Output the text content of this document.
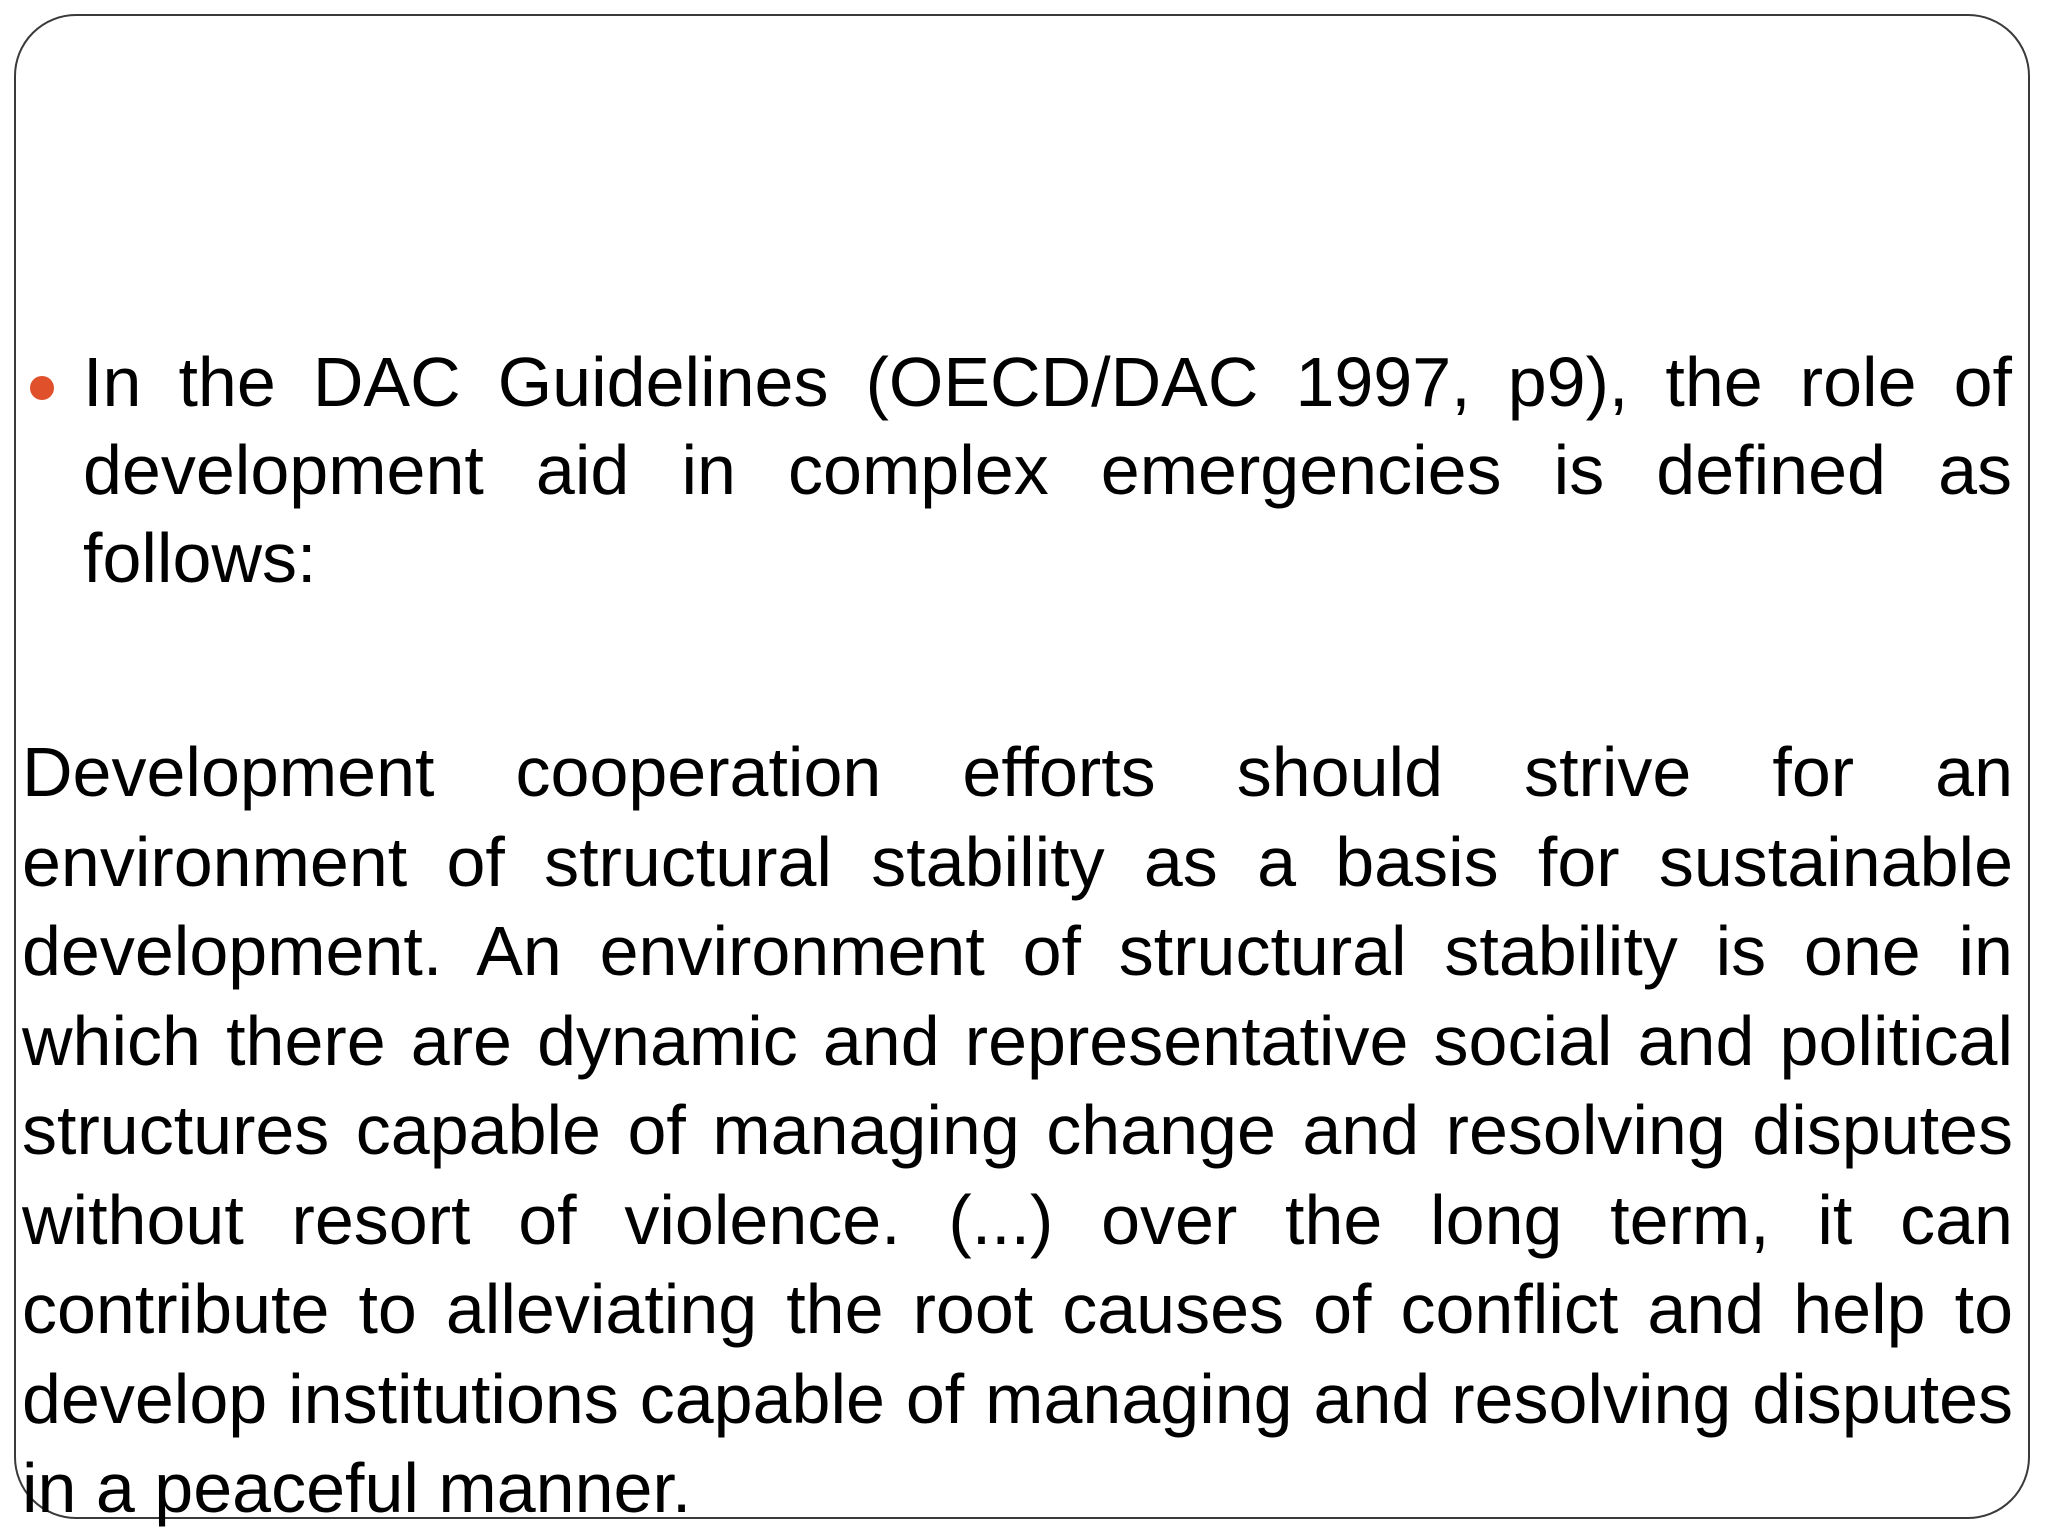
In the DAC Guidelines (OECD/DAC 1997, p9), the role of development aid in complex emergencies is defined as follows:
Development cooperation efforts should strive for an environment of structural stability as a basis for sustainable development. An environment of structural stability is one in which there are dynamic and representative social and political structures capable of managing change and resolving disputes without resort of violence. (...) over the long term, it can contribute to alleviating the root causes of conflict and help to develop institutions capable of managing and resolving disputes in a peaceful manner.
